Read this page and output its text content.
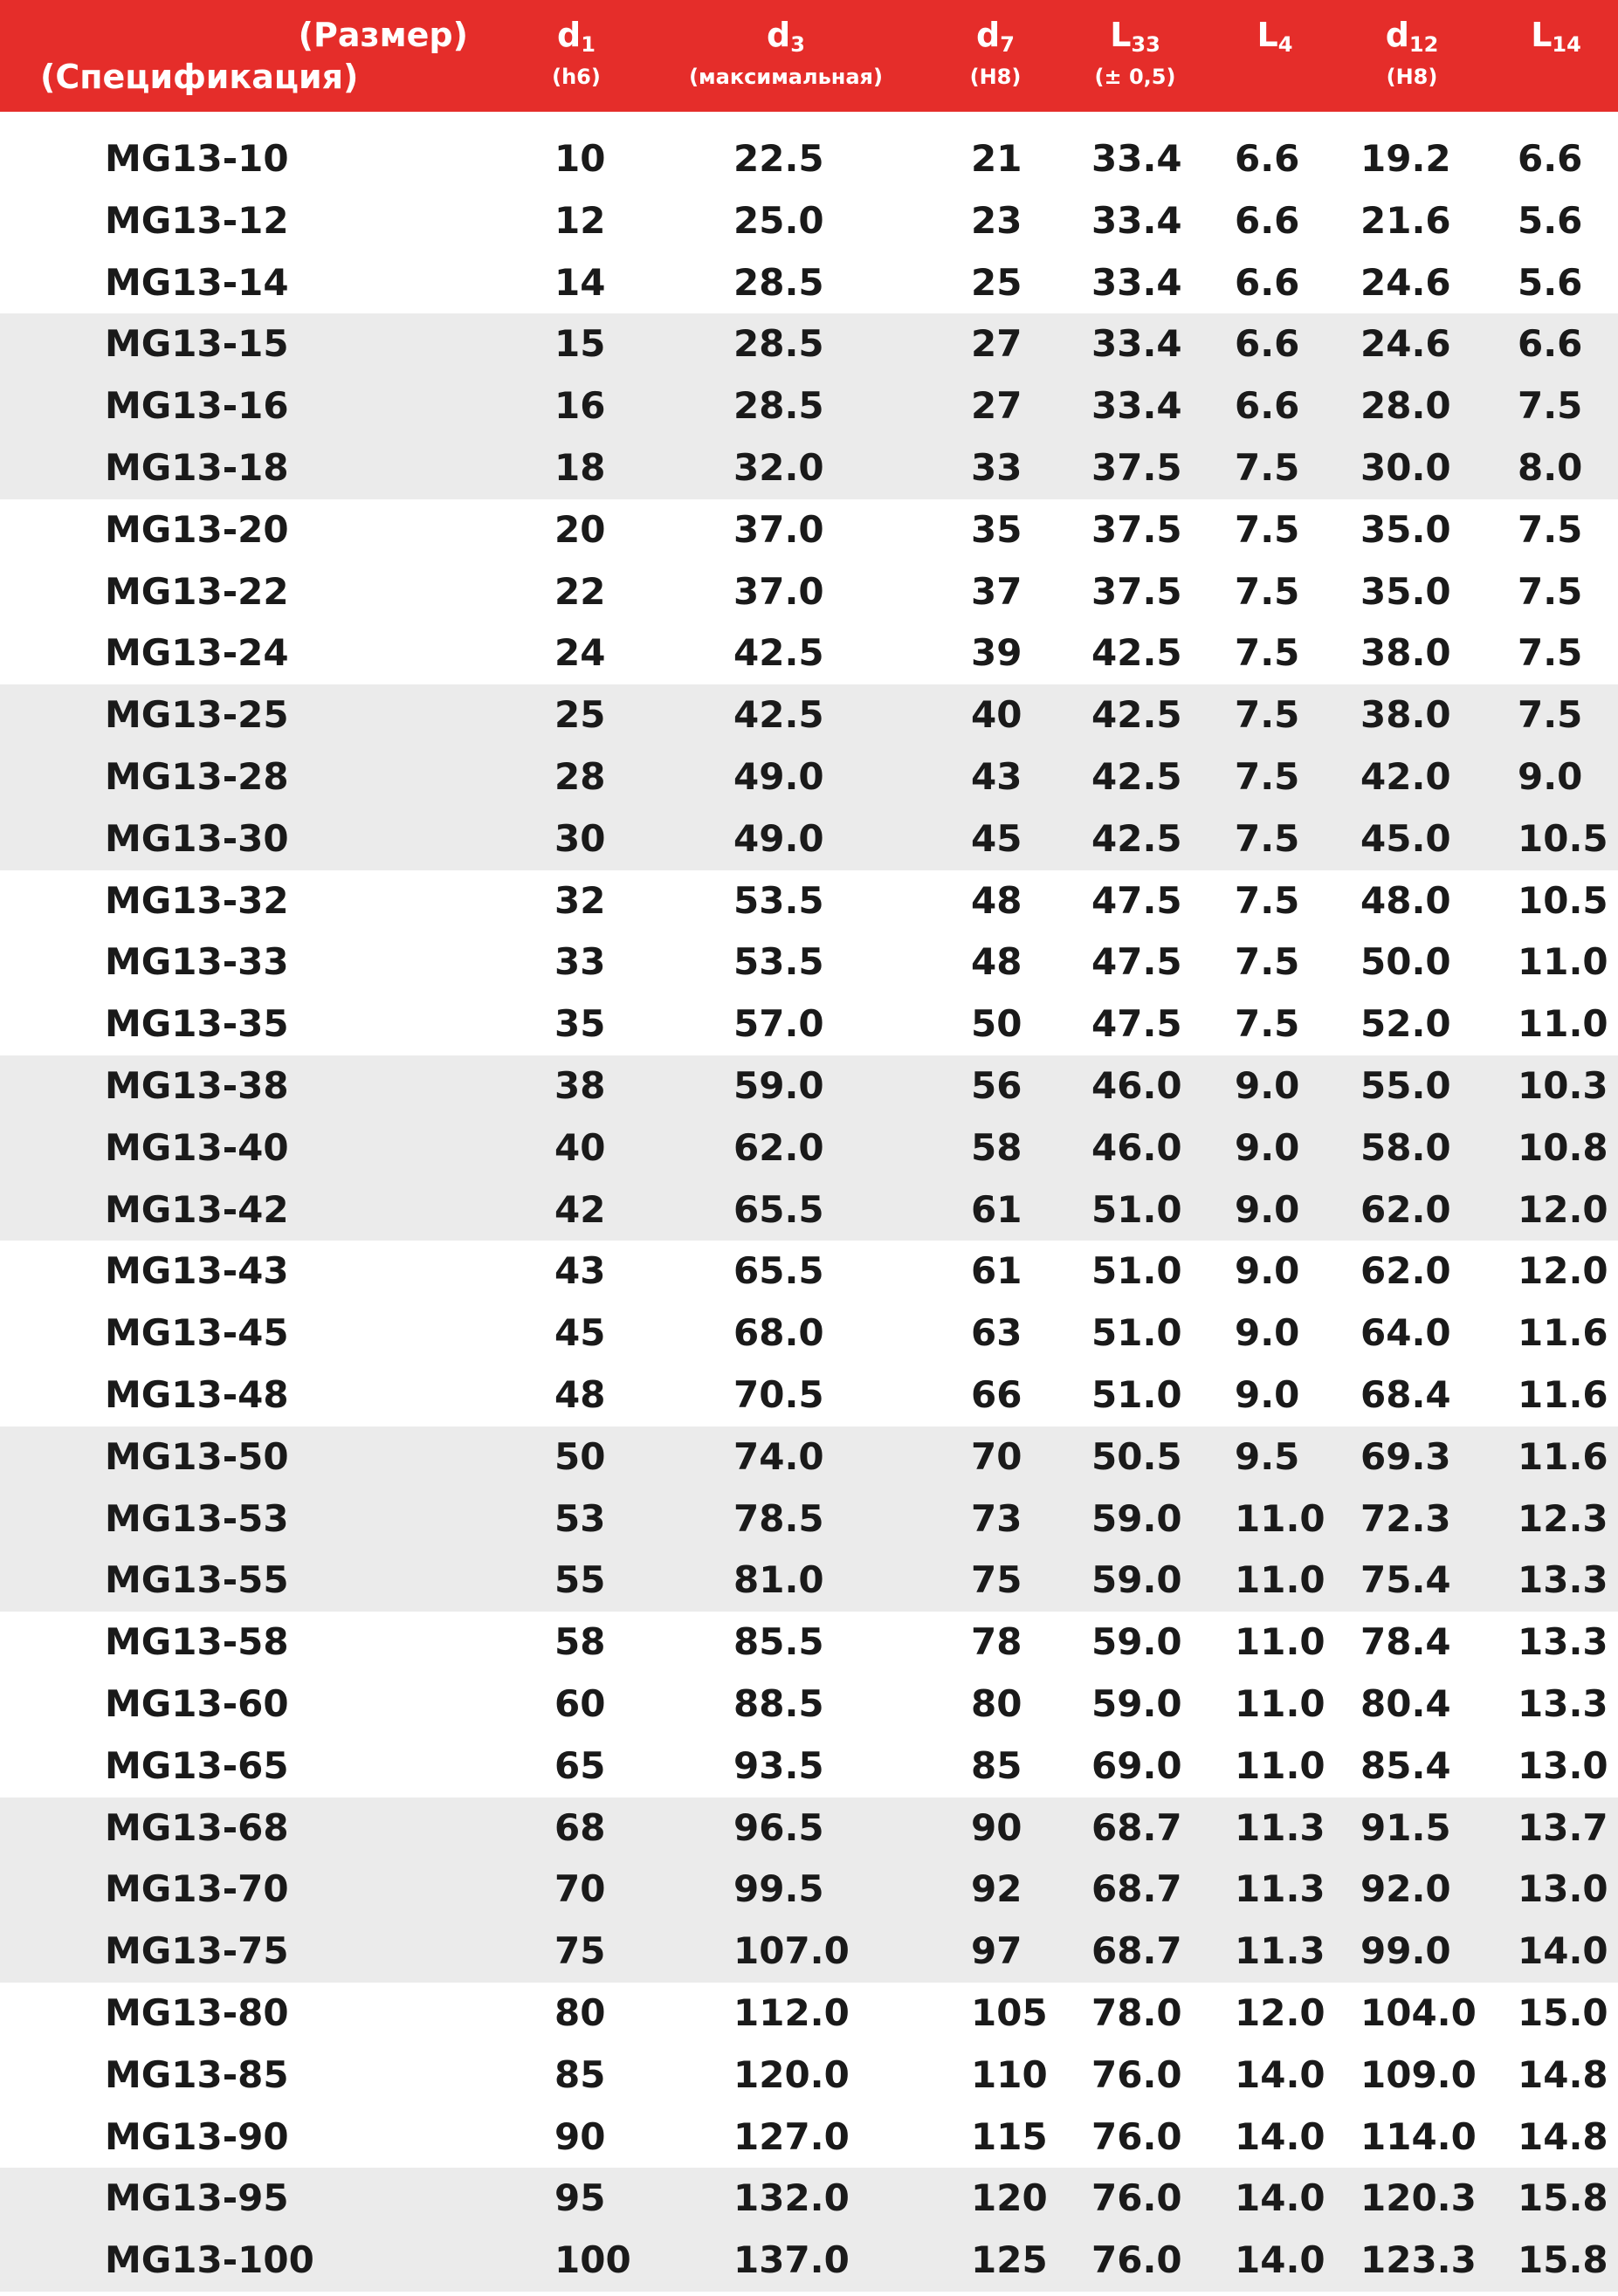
(Размер)
(Спецификация)
$d_1$
(h6)
$d_3$
(максимальная)
$d_7$
(H8)
$L_{33}$
(± 0,5)
$L_4$	$d_{12}$
(H8)
$L_{14}$
MG13-10	10	22.5	21 33.4 6.6 19.2 6.6
MG13-12	12	25.0	23 33.4 6.6 21.6 5.6
MG13-14	14	28.5	25 33.4 6.6 24.6 5.6
MG13-15	15	28.5	27 33.4 6.6 24.6 6.6
MG13-16	16	28.5	27 33.4 6.6 28.0 7.5
MG13-18	18	32.0	33 37.5 7.5 30.0 8.0
MG13-20	20	37.0	35 37.5 7.5 35.0 7.5
MG13-22	22	37.0	37 37.5 7.5 35.0 7.5
MG13-24	24	42.5	39 42.5 7.5 38.0 7.5
MG13-25	25	42.5	40 42.5 7.5 38.0 7.5
MG13-28	28	49.0	43 42.5 7.5 42.0 9.0
MG13-30	30	49.0	45 42.5 7.5 45.0 10.5
MG13-32	32	53.5	48 47.5 7.5 48.0 10.5
MG13-33	33	53.5	48 47.5 7.5 50.0 11.0
MG13-35	35	57.0	50 47.5 7.5 52.0 11.0
MG13-38	38	59.0	56 46.0 9.0 55.0 10.3
MG13-40	40	62.0	58 46.0 9.0 58.0 10.8
MG13-42	42	65.5	61 51.0 9.0 62.0 12.0
MG13-43	43	65.5	61 51.0 9.0 62.0 12.0
MG13-45	45	68.0	63 51.0 9.0 64.0 11.6
MG13-48	48	70.5	66 51.0 9.0 68.4 11.6
MG13-50	50	74.0	70 50.5 9.5 69.3 11.6
MG13-53	53	78.5	73 59.0 11.0 72.3 12.3
MG13-55	55	81.0	75 59.0 11.0 75.4 13.3
MG13-58	58	85.5	78 59.0 11.0 78.4 13.3
MG13-60	60	88.5	80 59.0 11.0 80.4 13.3
MG13-65	65	93.5	85 69.0 11.0 85.4 13.0
MG13-68	68	96.5	90 68.7 11.3 91.5 13.7
MG13-70	70	99.5	92 68.7 11.3 92.0 13.0
MG13-75	75	107.0	97 68.7 11.3 99.0 14.0
MG13-80	80	112.0	105 78.0 12.0 104.0 15.0
MG13-85	85	120.0	110 76.0 14.0 109.0 14.8
MG13-90	90	127.0	115 76.0 14.0 114.0 14.8
MG13-95	95	132.0	120 76.0 14.0 120.3 15.8
MG13-100	100	137.0	125 76.0 14.0 123.3 15.8
